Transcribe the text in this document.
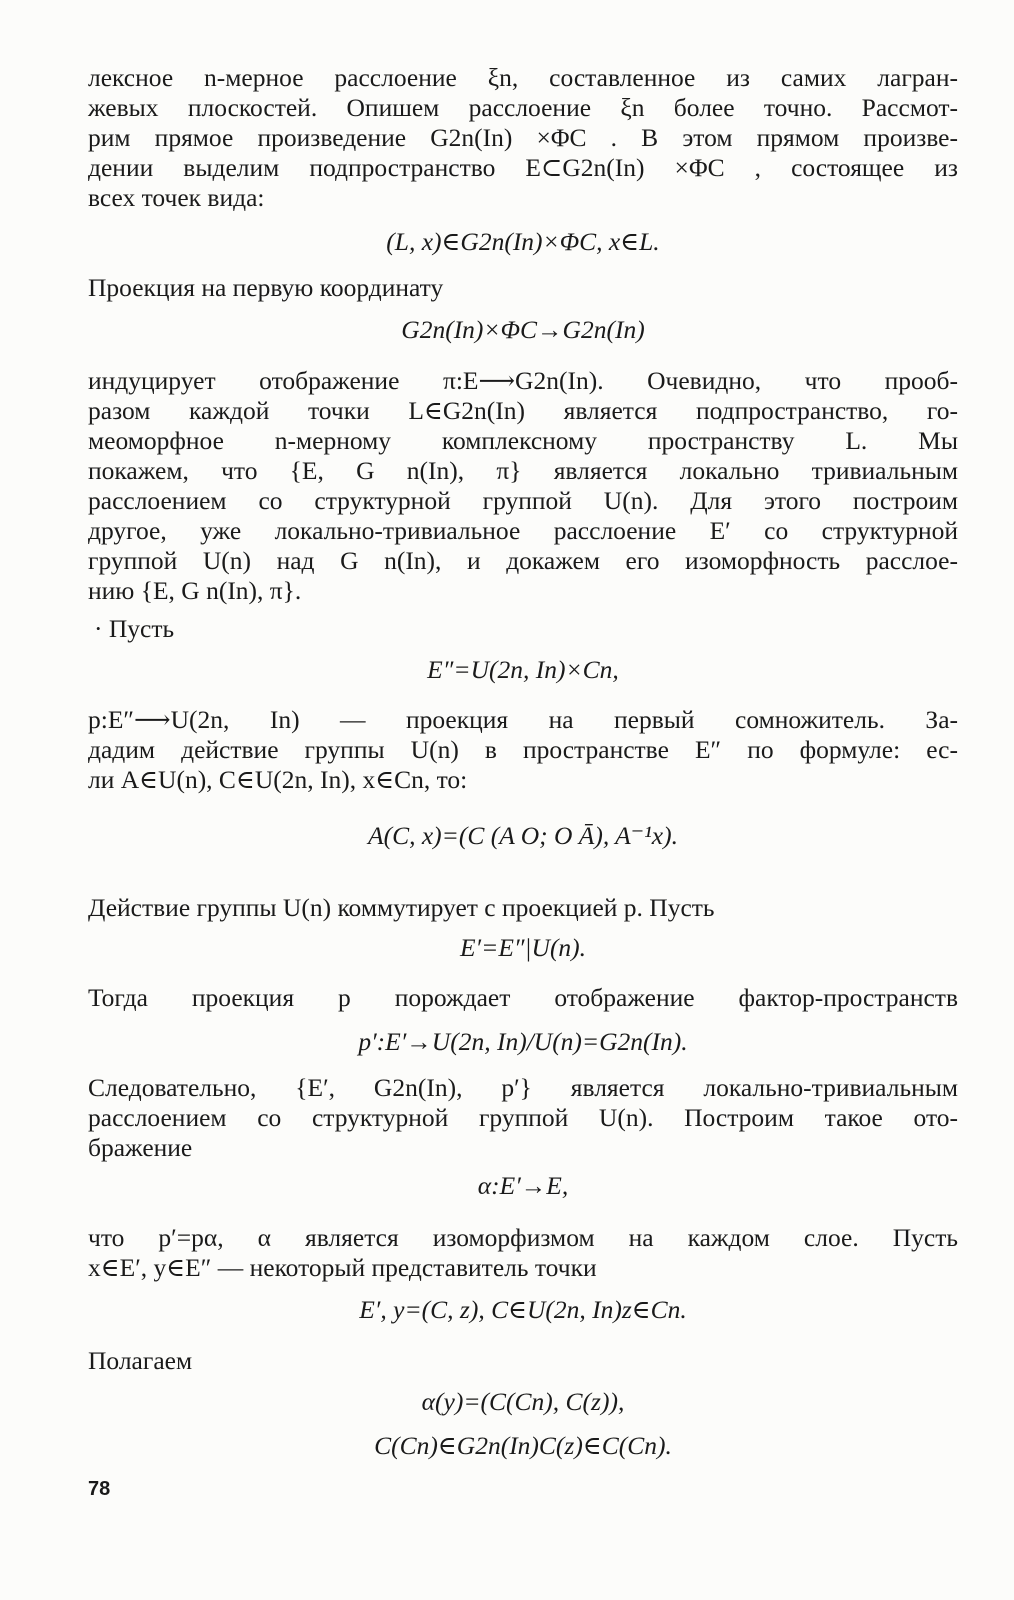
лексное n-мерное расслоение ξn, составленное из самих лагран-
жевых плоскостей. Опишем расслоение ξn более точно. Рассмот-
рим прямое произведение G2n(In) ×ΦC . В этом прямом произве-
дении выделим подпространство E⊂G2n(In) ×ΦC , состоящее из
всех точек вида:
(L, x)∈G2n(In)×ΦC, x∈L.
Проекция на первую координату
G2n(In)×ΦC→G2n(In)
индуцирует отображение π:E⟶G2n(In). Очевидно, что прооб-
разом каждой точки L∈G2n(In) является подпространство, го-
меоморфное n-мерному комплексному пространству L. Мы
покажем, что {E, G n(In), π} является локально тривиальным
расслоением со структурной группой U(n). Для этого построим
другое, уже локально-тривиальное расслоение E′ со структурной
группой U(n) над G n(In), и докажем его изоморфность расслое-
нию {E, G n(In), π}.
· Пусть
E″=U(2n, In)×Cn,
p:E″⟶U(2n, In) — проекция на первый сомножитель. За-
дадим действие группы U(n) в пространстве E″ по формуле: ес-
ли A∈U(n), C∈U(2n, In), x∈Cn, то:
A(C, x)=(C (A O; O Ā), A⁻¹x).
Действие группы U(n) коммутирует с проекцией p. Пусть
E′=E″|U(n).
Тогда проекция p порождает отображение фактор-пространств
p′:E′→U(2n, In)/U(n)=G2n(In).
Следовательно, {E′, G2n(In), p′} является локально-тривиальным
расслоением со структурной группой U(n). Построим такое ото-
бражение
α:E′→E,
что p′=pα, α является изоморфизмом на каждом слое. Пусть
x∈E′, y∈E″ — некоторый представитель точки
E′, y=(C, z), C∈U(2n, In)z∈Cn.
Полагаем
α(y)=(C(Cn), C(z)),
C(Cn)∈G2n(In)C(z)∈C(Cn).
78
